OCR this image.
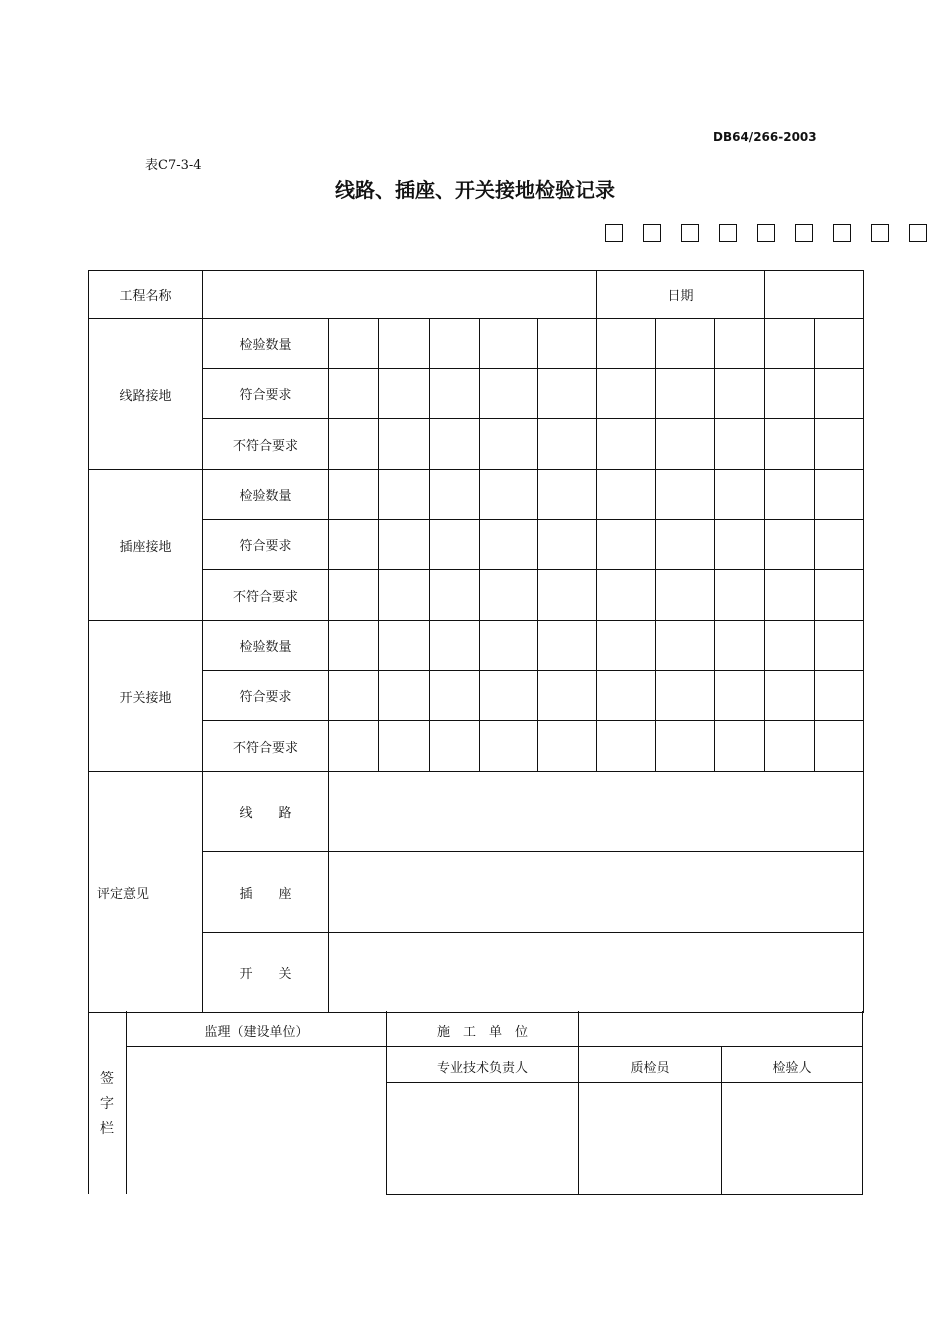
DB64/266-2003
表C7-3-4
线路、插座、开关接地检验记录
工程名称							日期				
线路接地	检验数量										
	符合要求										
	不符合要求										
插座接地	检验数量										
	符合要求										
	不符合要求										
开关接地	检验数量										
	符合要求										
	不符合要求										
评定意见	线　　路										
	插　　座										
	开　　关										
签
字
栏
监理（建设单位）	施　工　单　位
专业技术负责人	质检员	检验人
